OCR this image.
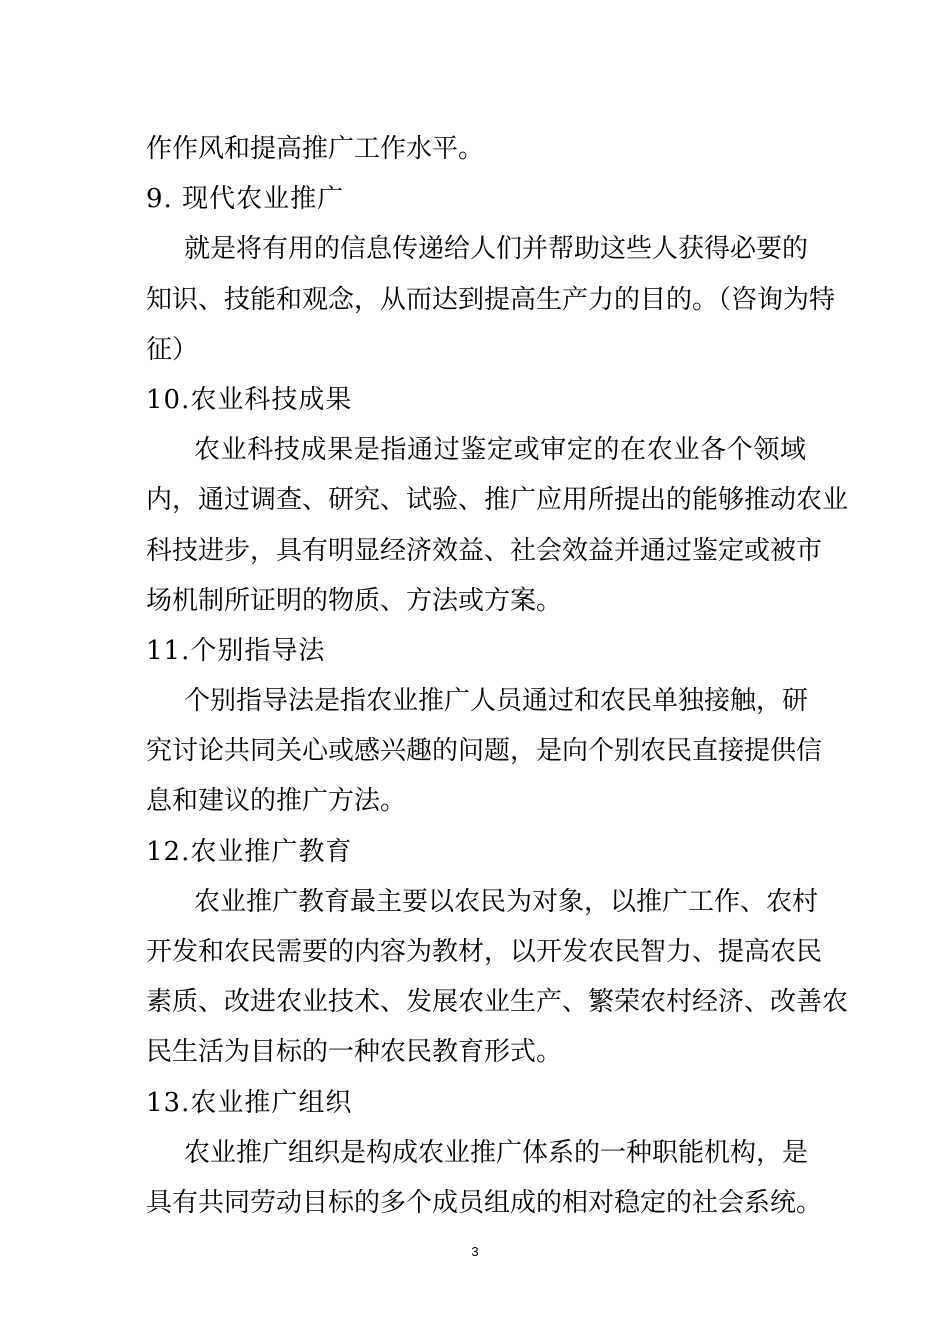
作作风和提高推广工作水平。
9. 现代农业推广
就是将有用的信息传递给人们并帮助这些人获得必要的
知识、技能和观念，从而达到提高生产力的目的。（咨询为特
征）
10.农业科技成果
农业科技成果是指通过鉴定或审定的在农业各个领域
内，通过调查、研究、试验、推广应用所提出的能够推动农业
科技进步，具有明显经济效益、社会效益并通过鉴定或被市
场机制所证明的物质、方法或方案。
11.个别指导法
个别指导法是指农业推广人员通过和农民单独接触，研
究讨论共同关心或感兴趣的问题，是向个别农民直接提供信
息和建议的推广方法。
12.农业推广教育
农业推广教育最主要以农民为对象，以推广工作、农村
开发和农民需要的内容为教材，以开发农民智力、提高农民
素质、改进农业技术、发展农业生产、繁荣农村经济、改善农
民生活为目标的一种农民教育形式。
13.农业推广组织
农业推广组织是构成农业推广体系的一种职能机构，是
具有共同劳动目标的多个成员组成的相对稳定的社会系统。
3
